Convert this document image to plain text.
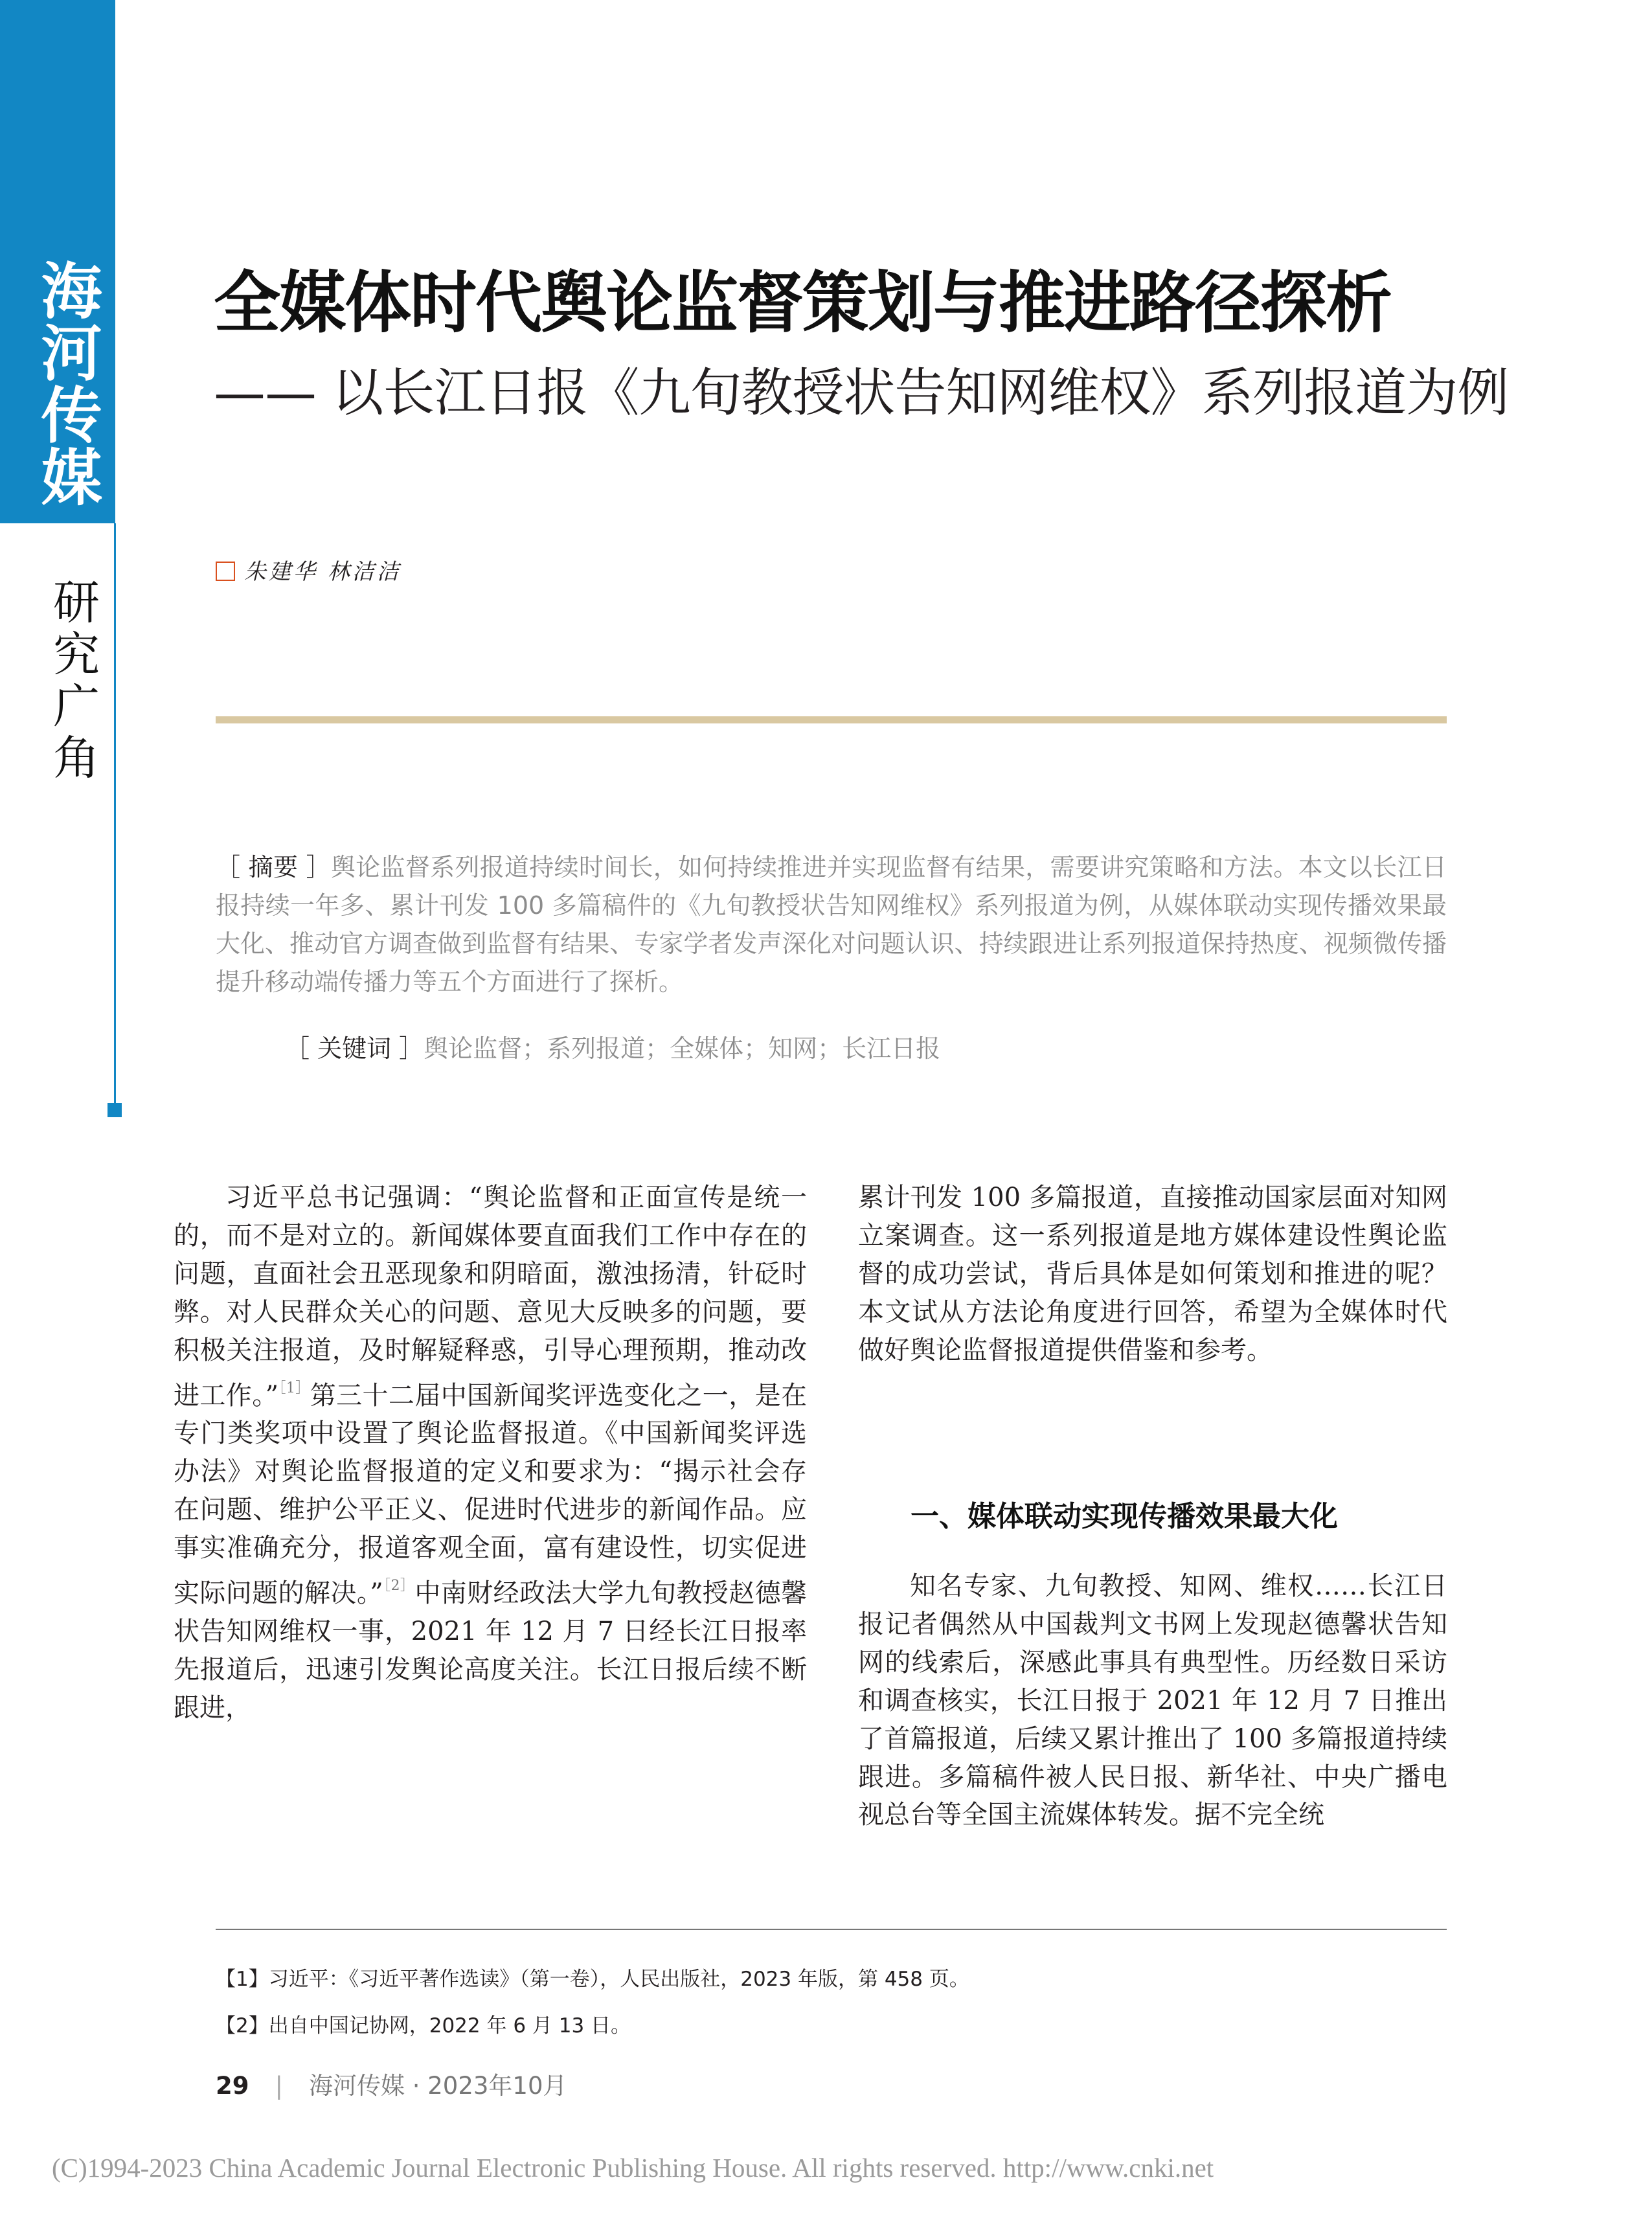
海河传媒
研究广角
全媒体时代舆论监督策划与推进路径探析
—— 以长江日报《九旬教授状告知网维权》系列报道为例
朱建华 林洁洁
［ 摘要 ］舆论监督系列报道持续时间长，如何持续推进并实现监督有结果，需要讲究策略和方法。本文以长江日报持续一年多、累计刊发 100 多篇稿件的《九旬教授状告知网维权》系列报道为例，从媒体联动实现传播效果最大化、推动官方调查做到监督有结果、专家学者发声深化对问题认识、持续跟进让系列报道保持热度、视频微传播提升移动端传播力等五个方面进行了探析。
［ 关键词 ］舆论监督；系列报道；全媒体；知网；长江日报

习近平总书记强调：“舆论监督和正面宣传是统一的，而不是对立的。新闻媒体要直面我们工作中存在的问题，直面社会丑恶现象和阴暗面，激浊扬清，针砭时弊。对人民群众关心的问题、意见大反映多的问题，要积极关注报道，及时解疑释惑，引导心理预期，推动改进工作。”$^{[1]}$第三十二届中国新闻奖评选变化之一，是在专门类奖项中设置了舆论监督报道。《中国新闻奖评选办法》对舆论监督报道的定义和要求为：“揭示社会存在问题、维护公平正义、促进时代进步的新闻作品。应事实准确充分，报道客观全面，富有建设性，切实促进实际问题的解决。”$^{[2]}$中南财经政法大学九旬教授赵德馨状告知网维权一事，2021 年 12 月 7 日经长江日报率先报道后，迅速引发舆论高度关注。长江日报后续不断跟进，

累计刊发 100 多篇报道，直接推动国家层面对知网立案调查。这一系列报道是地方媒体建设性舆论监督的成功尝试，背后具体是如何策划和推进的呢？本文试从方法论角度进行回答，希望为全媒体时代做好舆论监督报道提供借鉴和参考。

一、媒体联动实现传播效果最大化

知名专家、九旬教授、知网、维权……长江日报记者偶然从中国裁判文书网上发现赵德馨状告知网的线索后，深感此事具有典型性。历经数日采访和调查核实，长江日报于 2021 年 12 月 7 日推出了首篇报道，后续又累计推出了 100 多篇报道持续跟进。多篇稿件被人民日报、新华社、中央广播电视总台等全国主流媒体转发。据不完全统

【1】习近平：《习近平著作选读》（第一卷），人民出版社，2023 年版，第 458 页。
【2】出自中国记协网，2022 年 6 月 13 日。
29 | 海河传媒 · 2023年10月
(C)1994-2023 China Academic Journal Electronic Publishing House. All rights reserved. http://www.cnki.net
